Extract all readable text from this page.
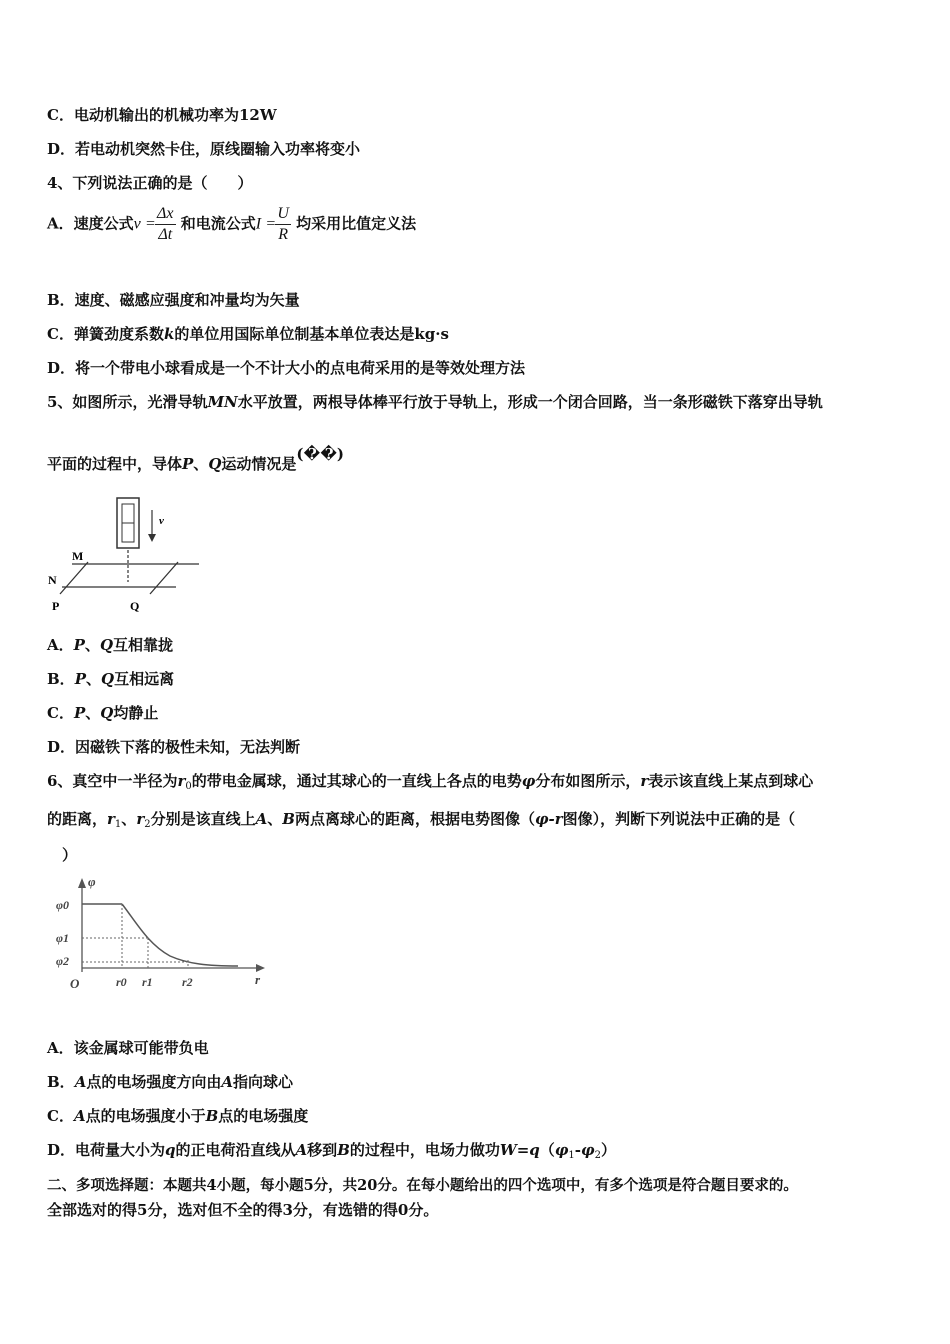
C．电动机输出的机械功率为12W
D．若电动机突然卡住，原线圈输入功率将变小
4、下列说法正确的是（　　）
A．速度公式$v = \frac{\Delta x}{\Delta t}$ 和电流公式$I = \frac{U}{R}$ 均采用比值定义法
B．速度、磁感应强度和冲量均为矢量
C．弹簧劲度系数k的单位用国际单位制基本单位表达是kg·s
D．将一个带电小球看成是一个不计大小的点电荷采用的是等效处理方法
5、如图所示，光滑导轨MN水平放置，两根导体棒平行放于导轨上，形成一个闭合回路，当一条形磁铁下落穿出导轨
平面的过程中，导体P、Q运动情况是(��)
v
M
N
P	Q
A．P、Q互相靠拢
B．P、Q互相远离
C．P、Q均静止
D．因磁铁下落的极性未知，无法判断
6、真空中一半径为$r_0$的带电金属球，通过其球心的一直线上各点的电势φ分布如图所示，r表示该直线上某点到球心
的距离，$r_1$、$r_2$分别是该直线上A、B两点离球心的距离，根据电势图像（φ-r图像），判断下列说法中正确的是（
）
φ
φ0
φ1
φ2
O	r0 r1 r2	r
A．该金属球可能带负电
B．A点的电场强度方向由A指向球心
C．A点的电场强度小于B点的电场强度
D．电荷量大小为q的正电荷沿直线从A移到B的过程中，电场力做功$W=q(\varphi_1-\varphi_2)$
二、多项选择题：本题共4小题，每小题5分，共20分。在每小题给出的四个选项中，有多个选项是符合题目要求的。
全部选对的得5分，选对但不全的得3分，有选错的得0分。
